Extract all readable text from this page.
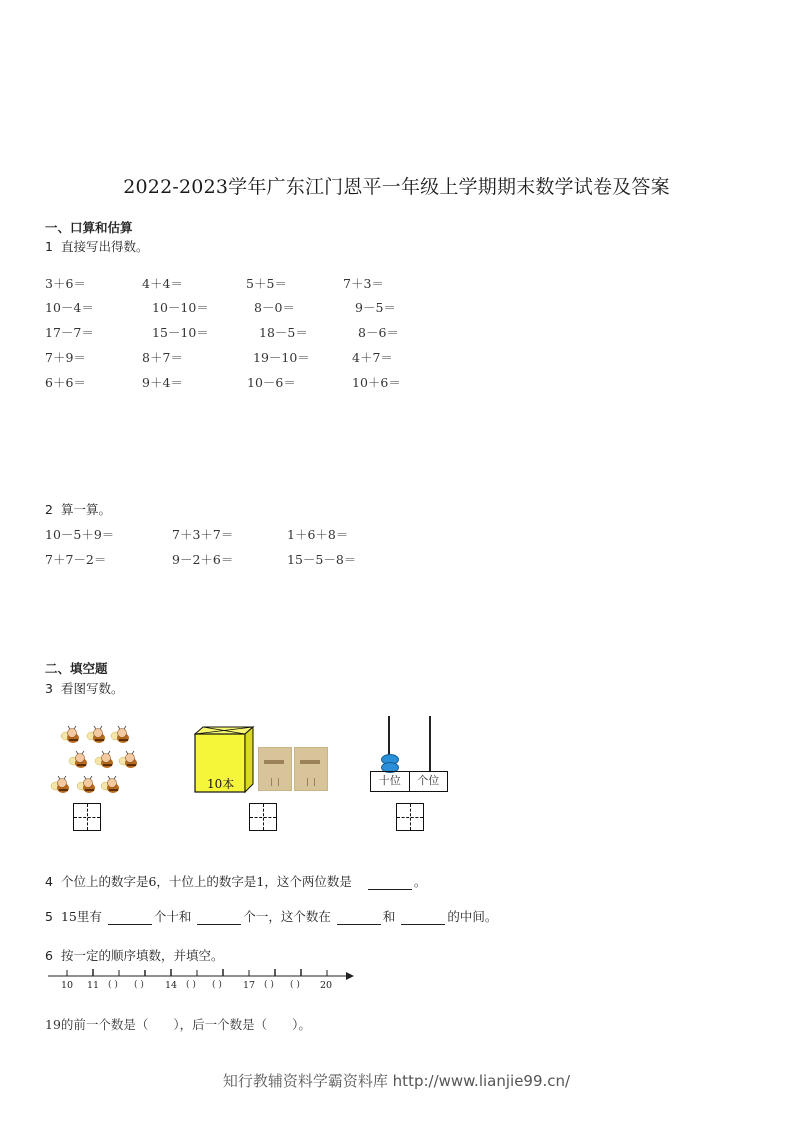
2022-2023学年广东江门恩平一年级上学期期末数学试卷及答案
一、口算和估算
1 直接写出得数。
3＋6＝	4＋4＝	5＋5＝	7＋3＝
10－4＝	10－10＝	8－0＝	9－5＝
17－7＝	15－10＝	18－5＝	8－6＝
7＋9＝	8＋7＝	19－10＝	4＋7＝
6＋6＝	9＋4＝	10－6＝	10＋6＝
2 算一算。
10－5＋9＝	7＋3＋7＝	1＋6＋8＝
7＋7－2＝	9－2＋6＝	15－5－8＝
二、填空题
3 看图写数。
10本	十位	个位
4 个位上的数字是6，十位上的数字是1，这个两位数是	。
5 15里有	个十和	个一，这个数在	和	的中间。
6 按一定的顺序填数，并填空。
10 11 ( ) ( ) 14 ( ) ( ) 17 ( ) ( ) 20
19的前一个数是（　　），后一个数是（　　）。
知行教辅资料学霸资料库 http://www.lianjie99.cn/
